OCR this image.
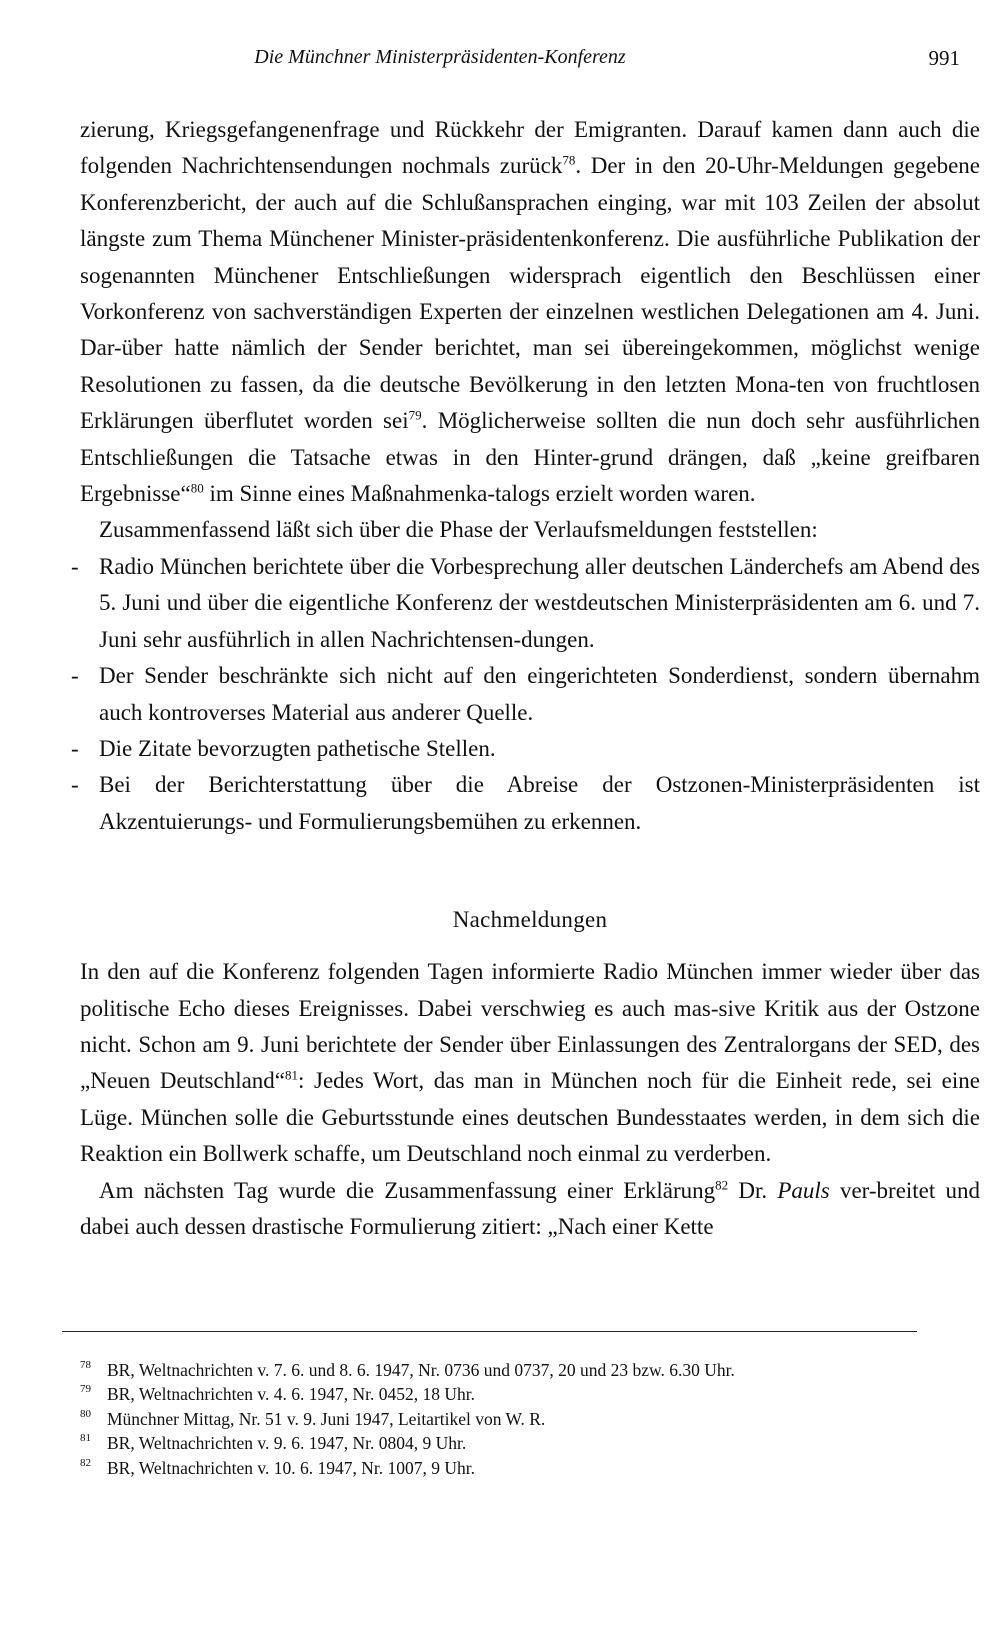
Die Münchner Ministerpräsidenten-Konferenz	991

zierung, Kriegsgefangenenfrage und Rückkehr der Emigranten. Darauf kamen dann auch die folgenden Nachrichtensendungen nochmals zurück$^{78}$. Der in den 20-Uhr-Meldungen gegebene Konferenzbericht, der auch auf die Schlußansprachen einging, war mit 103 Zeilen der absolut längste zum Thema Münchener Minister-präsidentenkonferenz. Die ausführliche Publikation der sogenannten Münchener Entschließungen widersprach eigentlich den Beschlüssen einer Vorkonferenz von sachverständigen Experten der einzelnen westlichen Delegationen am 4. Juni. Dar-über hatte nämlich der Sender berichtet, man sei übereingekommen, möglichst wenige Resolutionen zu fassen, da die deutsche Bevölkerung in den letzten Mona-ten von fruchtlosen Erklärungen überflutet worden sei$^{79}$. Möglicherweise sollten die nun doch sehr ausführlichen Entschließungen die Tatsache etwas in den Hinter-grund drängen, daß „keine greifbaren Ergebnisse“$^{80}$ im Sinne eines Maßnahmenka-talogs erzielt worden waren.

Zusammenfassend läßt sich über die Phase der Verlaufsmeldungen feststellen:

- Radio München berichtete über die Vorbesprechung aller deutschen Länderchefs am Abend des 5. Juni und über die eigentliche Konferenz der westdeutschen Ministerpräsidenten am 6. und 7. Juni sehr ausführlich in allen Nachrichtensen-dungen.
- Der Sender beschränkte sich nicht auf den eingerichteten Sonderdienst, sondern übernahm auch kontroverses Material aus anderer Quelle.
- Die Zitate bevorzugten pathetische Stellen.
- Bei der Berichterstattung über die Abreise der Ostzonen-Ministerpräsidenten ist Akzentuierungs- und Formulierungsbemühen zu erkennen.
Nachmeldungen

In den auf die Konferenz folgenden Tagen informierte Radio München immer wieder über das politische Echo dieses Ereignisses. Dabei verschwieg es auch mas-sive Kritik aus der Ostzone nicht. Schon am 9. Juni berichtete der Sender über Einlassungen des Zentralorgans der SED, des „Neuen Deutschland“$^{81}$: Jedes Wort, das man in München noch für die Einheit rede, sei eine Lüge. München solle die Geburtsstunde eines deutschen Bundesstaates werden, in dem sich die Reaktion ein Bollwerk schaffe, um Deutschland noch einmal zu verderben.

Am nächsten Tag wurde die Zusammenfassung einer Erklärung$^{82}$ Dr. Pauls ver-breitet und dabei auch dessen drastische Formulierung zitiert: „Nach einer Kette

78 BR, Weltnachrichten v. 7. 6. und 8. 6. 1947, Nr. 0736 und 0737, 20 und 23 bzw. 6.30 Uhr.
79 BR, Weltnachrichten v. 4. 6. 1947, Nr. 0452, 18 Uhr.
80 Münchner Mittag, Nr. 51 v. 9. Juni 1947, Leitartikel von W. R.
81 BR, Weltnachrichten v. 9. 6. 1947, Nr. 0804, 9 Uhr.
82 BR, Weltnachrichten v. 10. 6. 1947, Nr. 1007, 9 Uhr.
